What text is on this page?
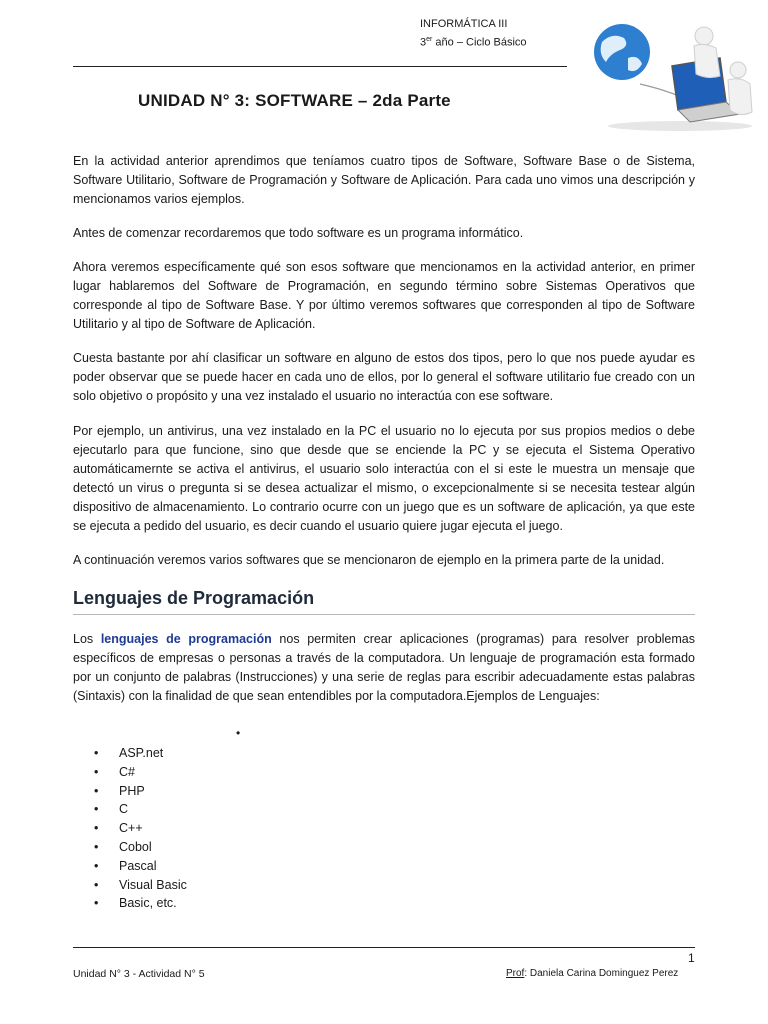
INFORMÁTICA III
3er año – Ciclo Básico
UNIDAD N° 3: SOFTWARE – 2da Parte

En la actividad anterior aprendimos que teníamos cuatro tipos de Software, Software Base o de Sistema, Software Utilitario, Software de Programación y Software de Aplicación. Para cada uno vimos una descripción y mencionamos varios ejemplos.

Antes de comenzar recordaremos que todo software es un programa informático.

Ahora veremos específicamente qué son esos software que mencionamos en la actividad anterior, en primer lugar hablaremos del Software de Programación, en segundo término sobre Sistemas Operativos que corresponde al tipo de Software Base. Y por último veremos softwares que corresponden al tipo de Software Utilitario y al tipo de Software de Aplicación.

Cuesta bastante por ahí clasificar un software en alguno de estos dos tipos, pero lo que nos puede ayudar es poder observar que se puede hacer en cada uno de ellos, por lo general el software utilitario fue creado con un solo objetivo o propósito y una vez instalado el usuario no interactúa con ese software.

Por ejemplo, un antivirus, una vez instalado en la PC el usuario no lo ejecuta por sus propios medios o debe ejecutarlo para que funcione, sino que desde que se enciende la PC y se ejecuta el Sistema Operativo automáticamernte se activa el antivirus, el usuario solo interactúa con el si este le muestra un mensaje que detectó un virus o pregunta si se desea actualizar el mismo, o excepcionalmente si se necesita testear algún dispositivo de almacenamiento. Lo contrario ocurre con un juego que es un software de aplicación, ya que este se ejecuta a pedido del usuario, es decir cuando el usuario quiere jugar ejecuta el juego.

A continuación veremos varios softwares que se mencionaron de ejemplo en la primera parte de la unidad.

Lenguajes de Programación

Los lenguajes de programación nos permiten crear aplicaciones (programas) para resolver problemas específicos de empresas o personas a través de la computadora. Un lenguaje de programación esta formado por un conjunto de palabras (Instrucciones) y una serie de reglas para escribir adecuadamente estas palabras (Sintaxis) con la finalidad de que sean entendibles por la computadora.Ejemplos de Lenguajes:

•
• ASP.net
• C#
• PHP
• C
• C++
• Cobol
• Pascal
• Visual Basic
• Basic, etc.
1
Unidad N° 3 - Actividad N° 5	Prof: Daniela Carina Dominguez Perez
